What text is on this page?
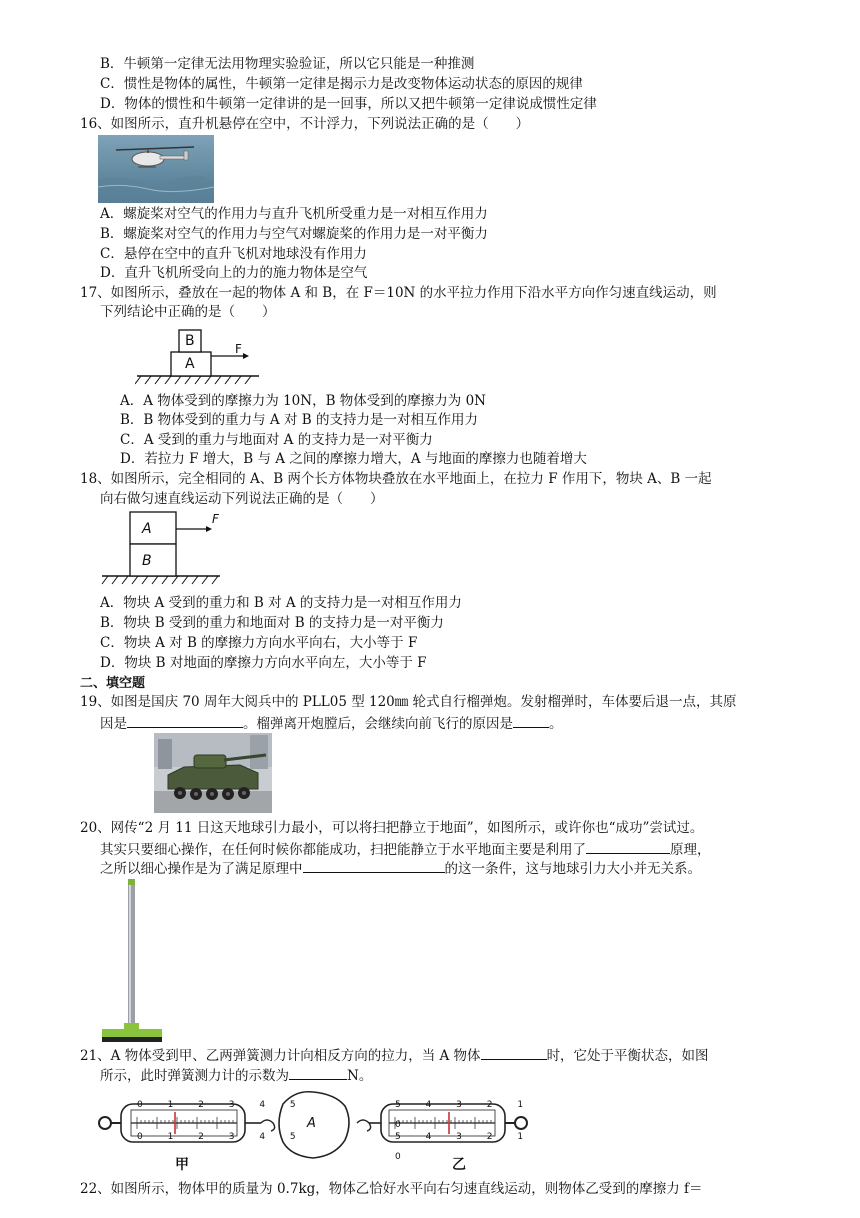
B．牛顿第一定律无法用物理实验验证，所以它只能是一种推测
C．惯性是物体的属性，牛顿第一定律是揭示力是改变物体运动状态的原因的规律
D．物体的惯性和牛顿第一定律讲的是一回事，所以又把牛顿第一定律说成惯性定律
16、如图所示，直升机悬停在空中，不计浮力，下列说法正确的是（　　）
A．螺旋桨对空气的作用力与直升飞机所受重力是一对相互作用力
B．螺旋桨对空气的作用力与空气对螺旋桨的作用力是一对平衡力
C．悬停在空中的直升飞机对地球没有作用力
D．直升飞机所受向上的力的施力物体是空气
17、如图所示，叠放在一起的物体 A 和 B，在 F＝10N 的水平拉力作用下沿水平方向作匀速直线运动，则
下列结论中正确的是（　　）
B
A
F
A．A 物体受到的摩擦力为 10N，B 物体受到的摩擦力为 0N
B．B 物体受到的重力与 A 对 B 的支持力是一对相互作用力
C．A 受到的重力与地面对 A 的支持力是一对平衡力
D．若拉力 F 增大，B 与 A 之间的摩擦力增大，A 与地面的摩擦力也随着增大
18、如图所示，完全相同的 A、B 两个长方体物块叠放在水平地面上，在拉力 F 作用下，物块 A、B 一起
向右做匀速直线运动下列说法正确的是（　　）
A
B
F
A．物块 A 受到的重力和 B 对 A 的支持力是一对相互作用力
B．物块 B 受到的重力和地面对 B 的支持力是一对平衡力
C．物块 A 对 B 的摩擦力方向水平向右，大小等于 F
D．物块 B 对地面的摩擦力方向水平向左，大小等于 F
二、填空题
19、如图是国庆 70 周年大阅兵中的 PLL05 型 120㎜ 轮式自行榴弹炮。发射榴弹时，车体要后退一点，其原
因是	。榴弹离开炮膛后，会继续向前飞行的原因是	。
20、网传“2 月 11 日这天地球引力最小，可以将扫把静立于地面”，如图所示，或许你也“成功”尝试过。
其实只要细心操作，在任何时候你都能成功，扫把能静立于水平地面主要是利用了	原理，
之所以细心操作是为了满足原理中	的这一条件，这与地球引力大小并无关系。
21、A 物体受到甲、乙两弹簧测力计向相反方向的拉力，当 A 物体	时，它处于平衡状态，如图
所示，此时弹簧测力计的示数为	N。
0 1 2 3 4 5
0 1 2 3 4 5
5 4 3 2 1 0
5 4 3 2 1 0
A
甲	乙
22、如图所示，物体甲的质量为 0.7kg，物体乙恰好水平向右匀速直线运动，则物体乙受到的摩擦力 f＝
